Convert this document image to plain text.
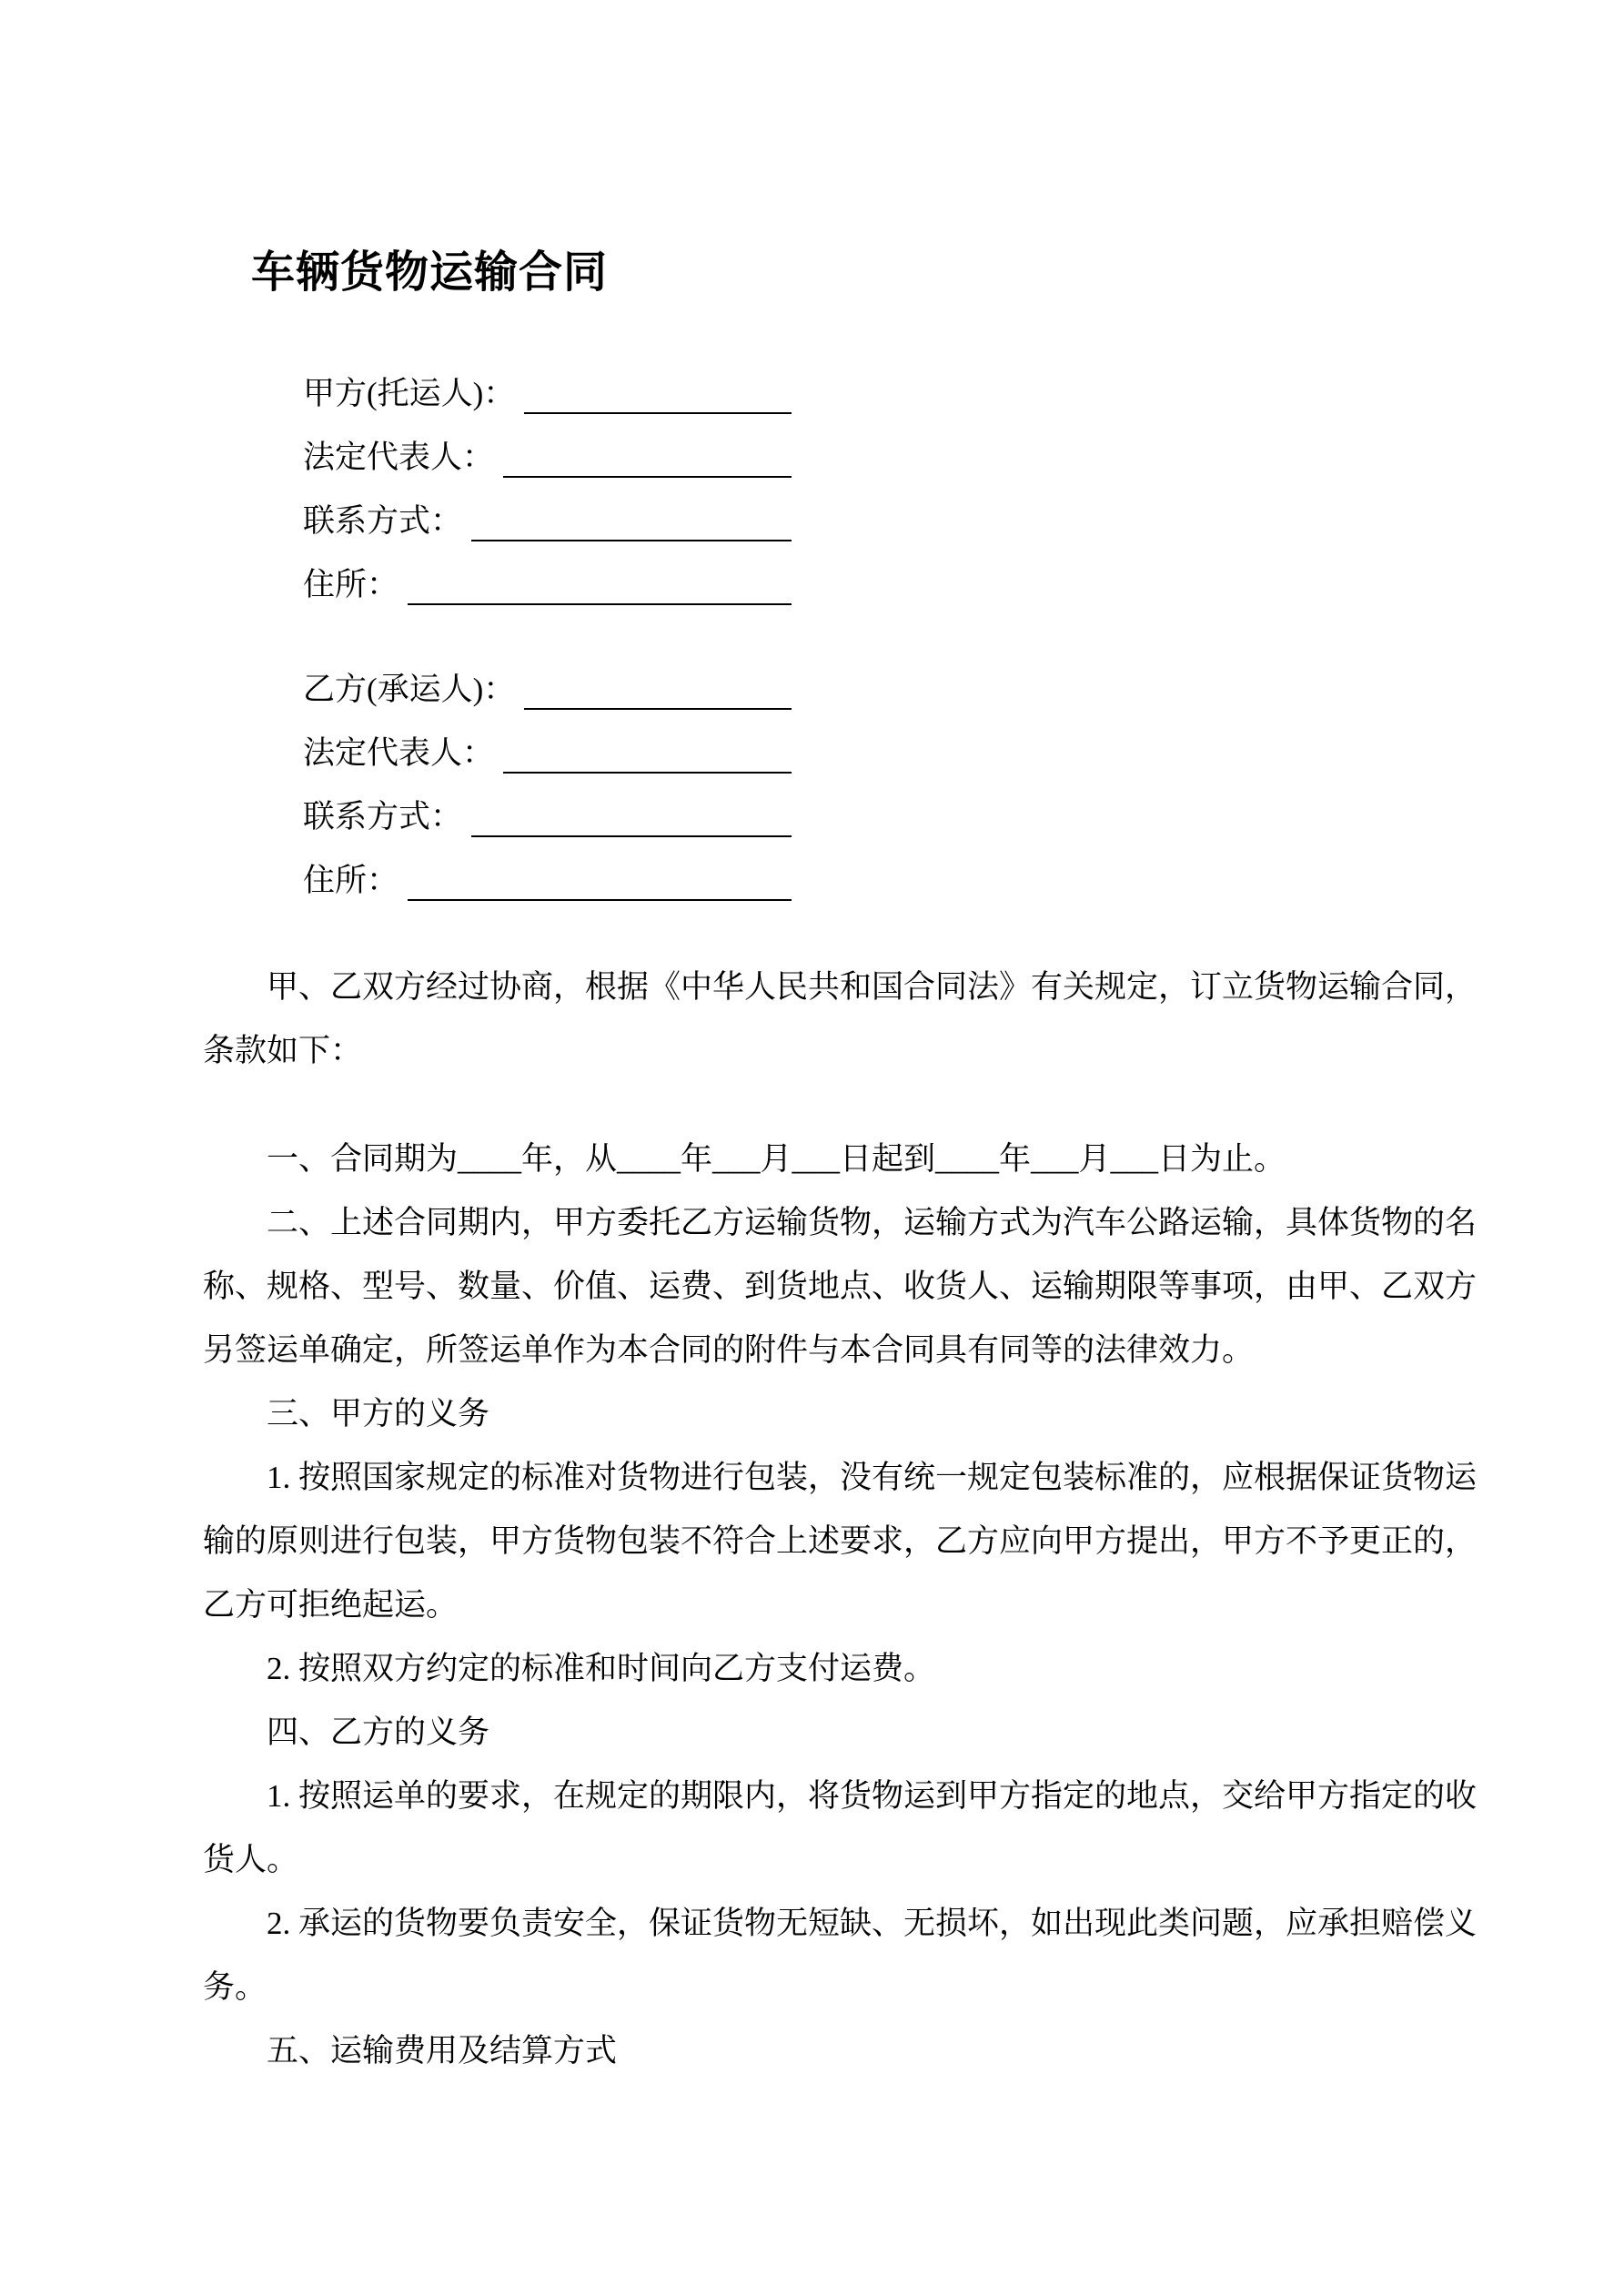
车辆货物运输合同
甲方(托运人)：
法定代表人：
联系方式：
住所：
乙方(承运人)：
法定代表人：
联系方式：
住所：
甲、乙双方经过协商，根据《中华人民共和国合同法》有关规定，订立货物运输合同，
条款如下：

一、合同期为____年，从____年___月___日起到____年___月___日为止。

二、上述合同期内，甲方委托乙方运输货物，运输方式为汽车公路运输，具体货物的名称、规格、型号、数量、价值、运费、到货地点、收货人、运输期限等事项，由甲、乙双方另签运单确定，所签运单作为本合同的附件与本合同具有同等的法律效力。

三、甲方的义务

1. 按照国家规定的标准对货物进行包装，没有统一规定包装标准的，应根据保证货物运输的原则进行包装，甲方货物包装不符合上述要求，乙方应向甲方提出，甲方不予更正的，乙方可拒绝起运。

2. 按照双方约定的标准和时间向乙方支付运费。

四、乙方的义务

1. 按照运单的要求，在规定的期限内，将货物运到甲方指定的地点，交给甲方指定的收货人。

2. 承运的货物要负责安全，保证货物无短缺、无损坏，如出现此类问题，应承担赔偿义务。

五、运输费用及结算方式
